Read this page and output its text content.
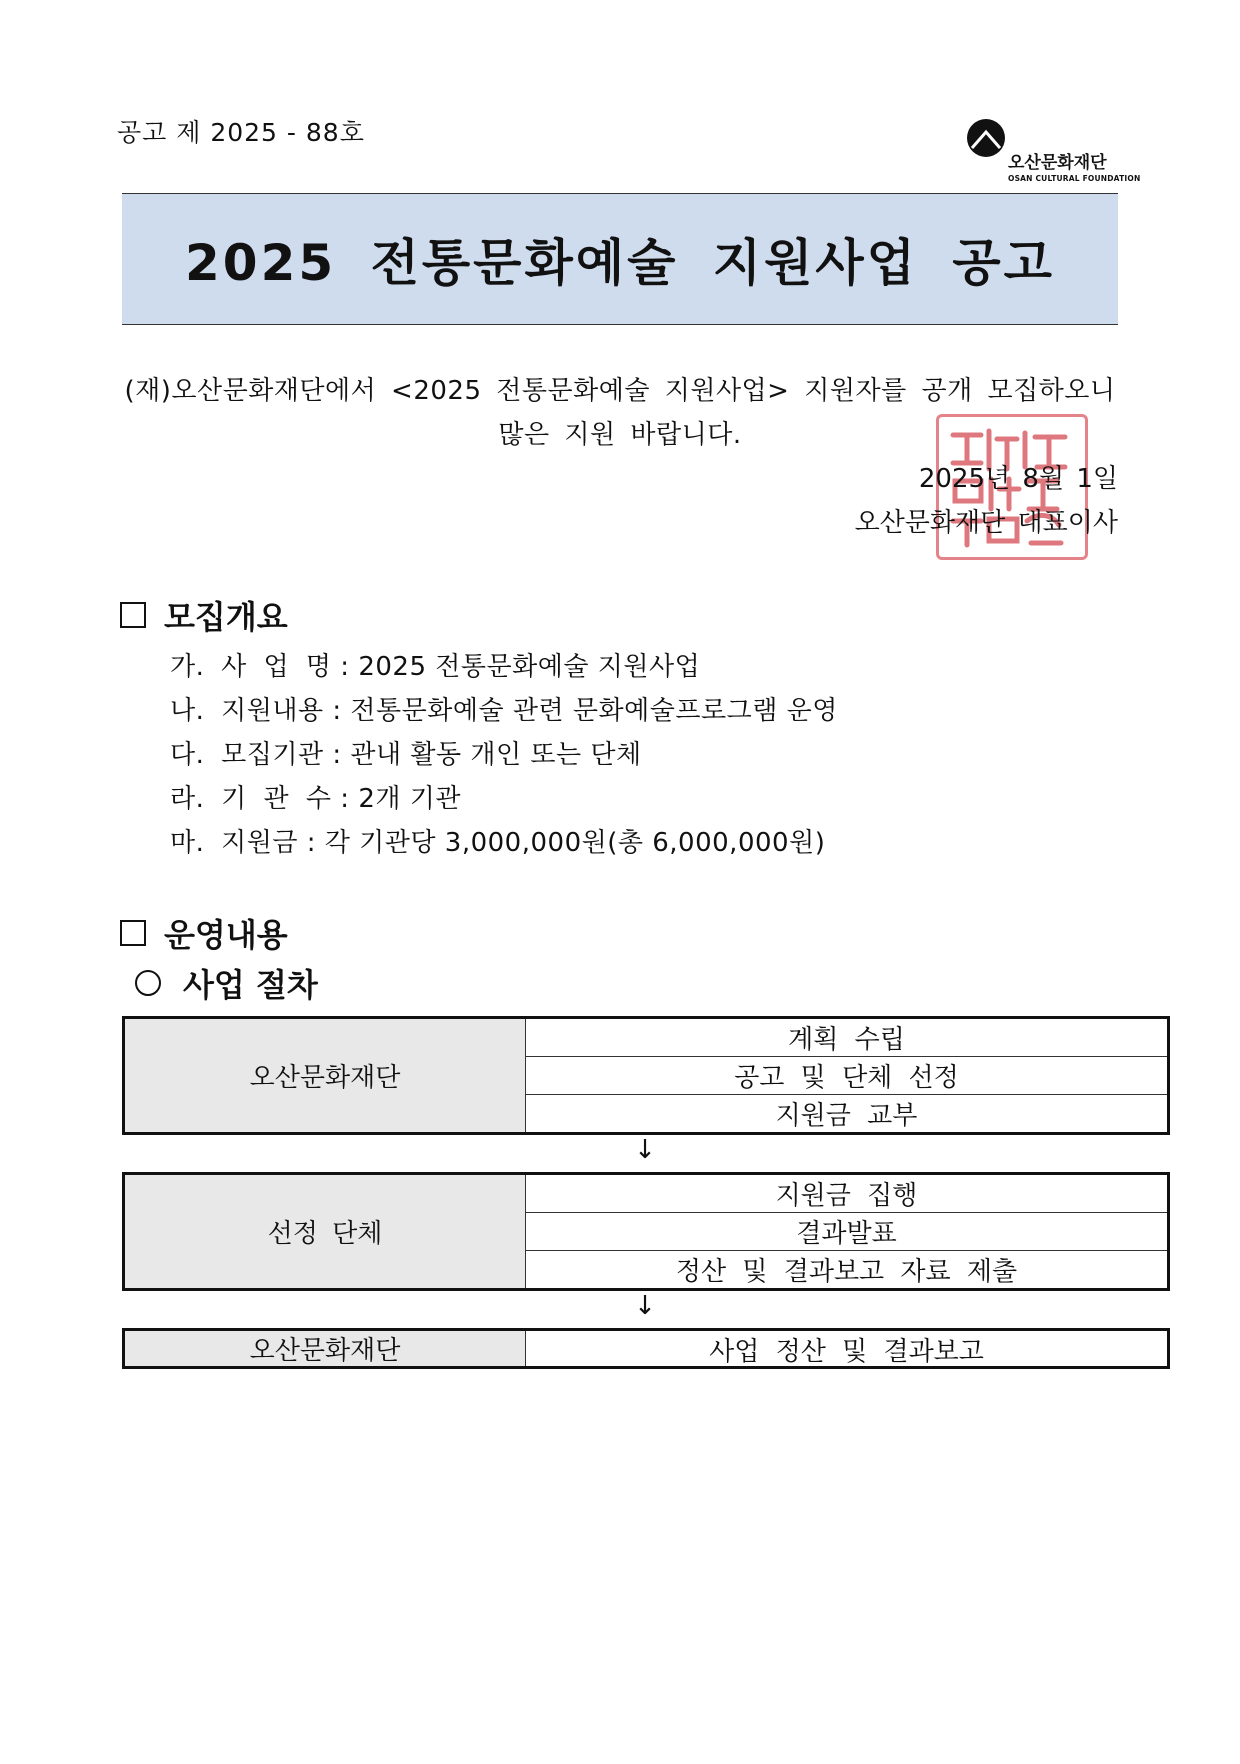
공고 제 2025 - 88호
오산문화재단
OSAN CULTURAL FOUNDATION
2025 전통문화예술 지원사업 공고
(재)오산문화재단에서 <2025 전통문화예술 지원사업> 지원자를 공개 모집하오니
많은 지원 바랍니다.
2025년 8월 1일
오산문화재단 대표이사
모집개요
가. 사 업 명 : 2025 전통문화예술 지원사업
나. 지원내용 : 전통문화예술 관련 문화예술프로그램 운영
다. 모집기관 : 관내 활동 개인 또는 단체
라. 기 관 수 : 2개 기관
마. 지원금 : 각 기관당 3,000,000원(총 6,000,000원)
운영내용
사업 절차
오산문화재단
계획 수립
공고 및 단체 선정
지원금 교부
↓
선정 단체
지원금 집행
결과발표
정산 및 결과보고 자료 제출
↓
오산문화재단	사업 정산 및 결과보고
